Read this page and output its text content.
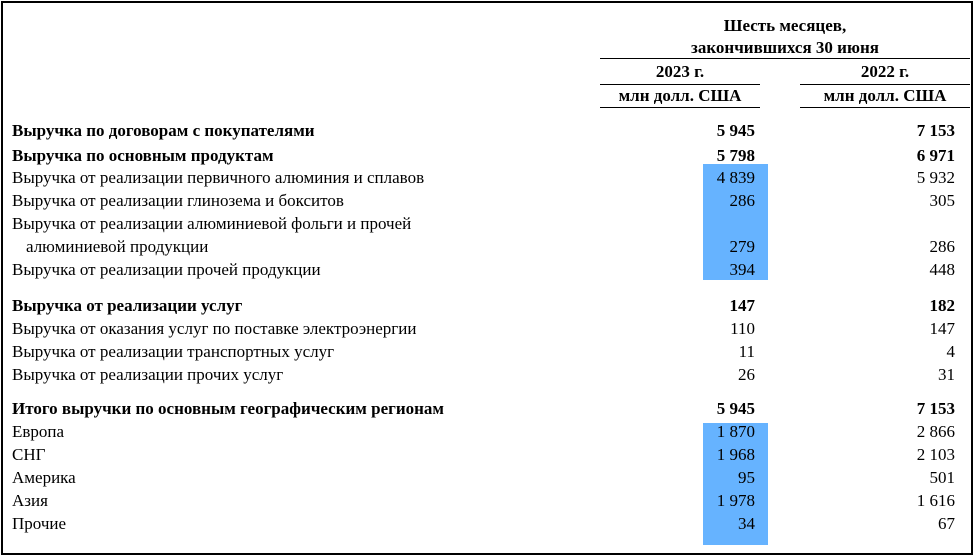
Шесть месяцев,
закончившихся 30 июня
2023 г.	2022 г.
млн долл. США	млн долл. США
Выручка по договорам с покупателями	5 945	7 153
Выручка по основным продуктам	5 798	6 971
Выручка от реализации первичного алюминия и сплавов	4 839	5 932
Выручка от реализации глинозема и бокситов	286	305
Выручка от реализации алюминиевой фольги и прочей
алюминиевой продукции	279	286
Выручка от реализации прочей продукции	394	448
Выручка от реализации услуг	147	182
Выручка от оказания услуг по поставке электроэнергии	110	147
Выручка от реализации транспортных услуг	11	4
Выручка от реализации прочих услуг	26	31
Итого выручки по основным географическим регионам	5 945	7 153
Европа	1 870	2 866
СНГ	1 968	2 103
Америка	95	501
Азия	1 978	1 616
Прочие	34	67
